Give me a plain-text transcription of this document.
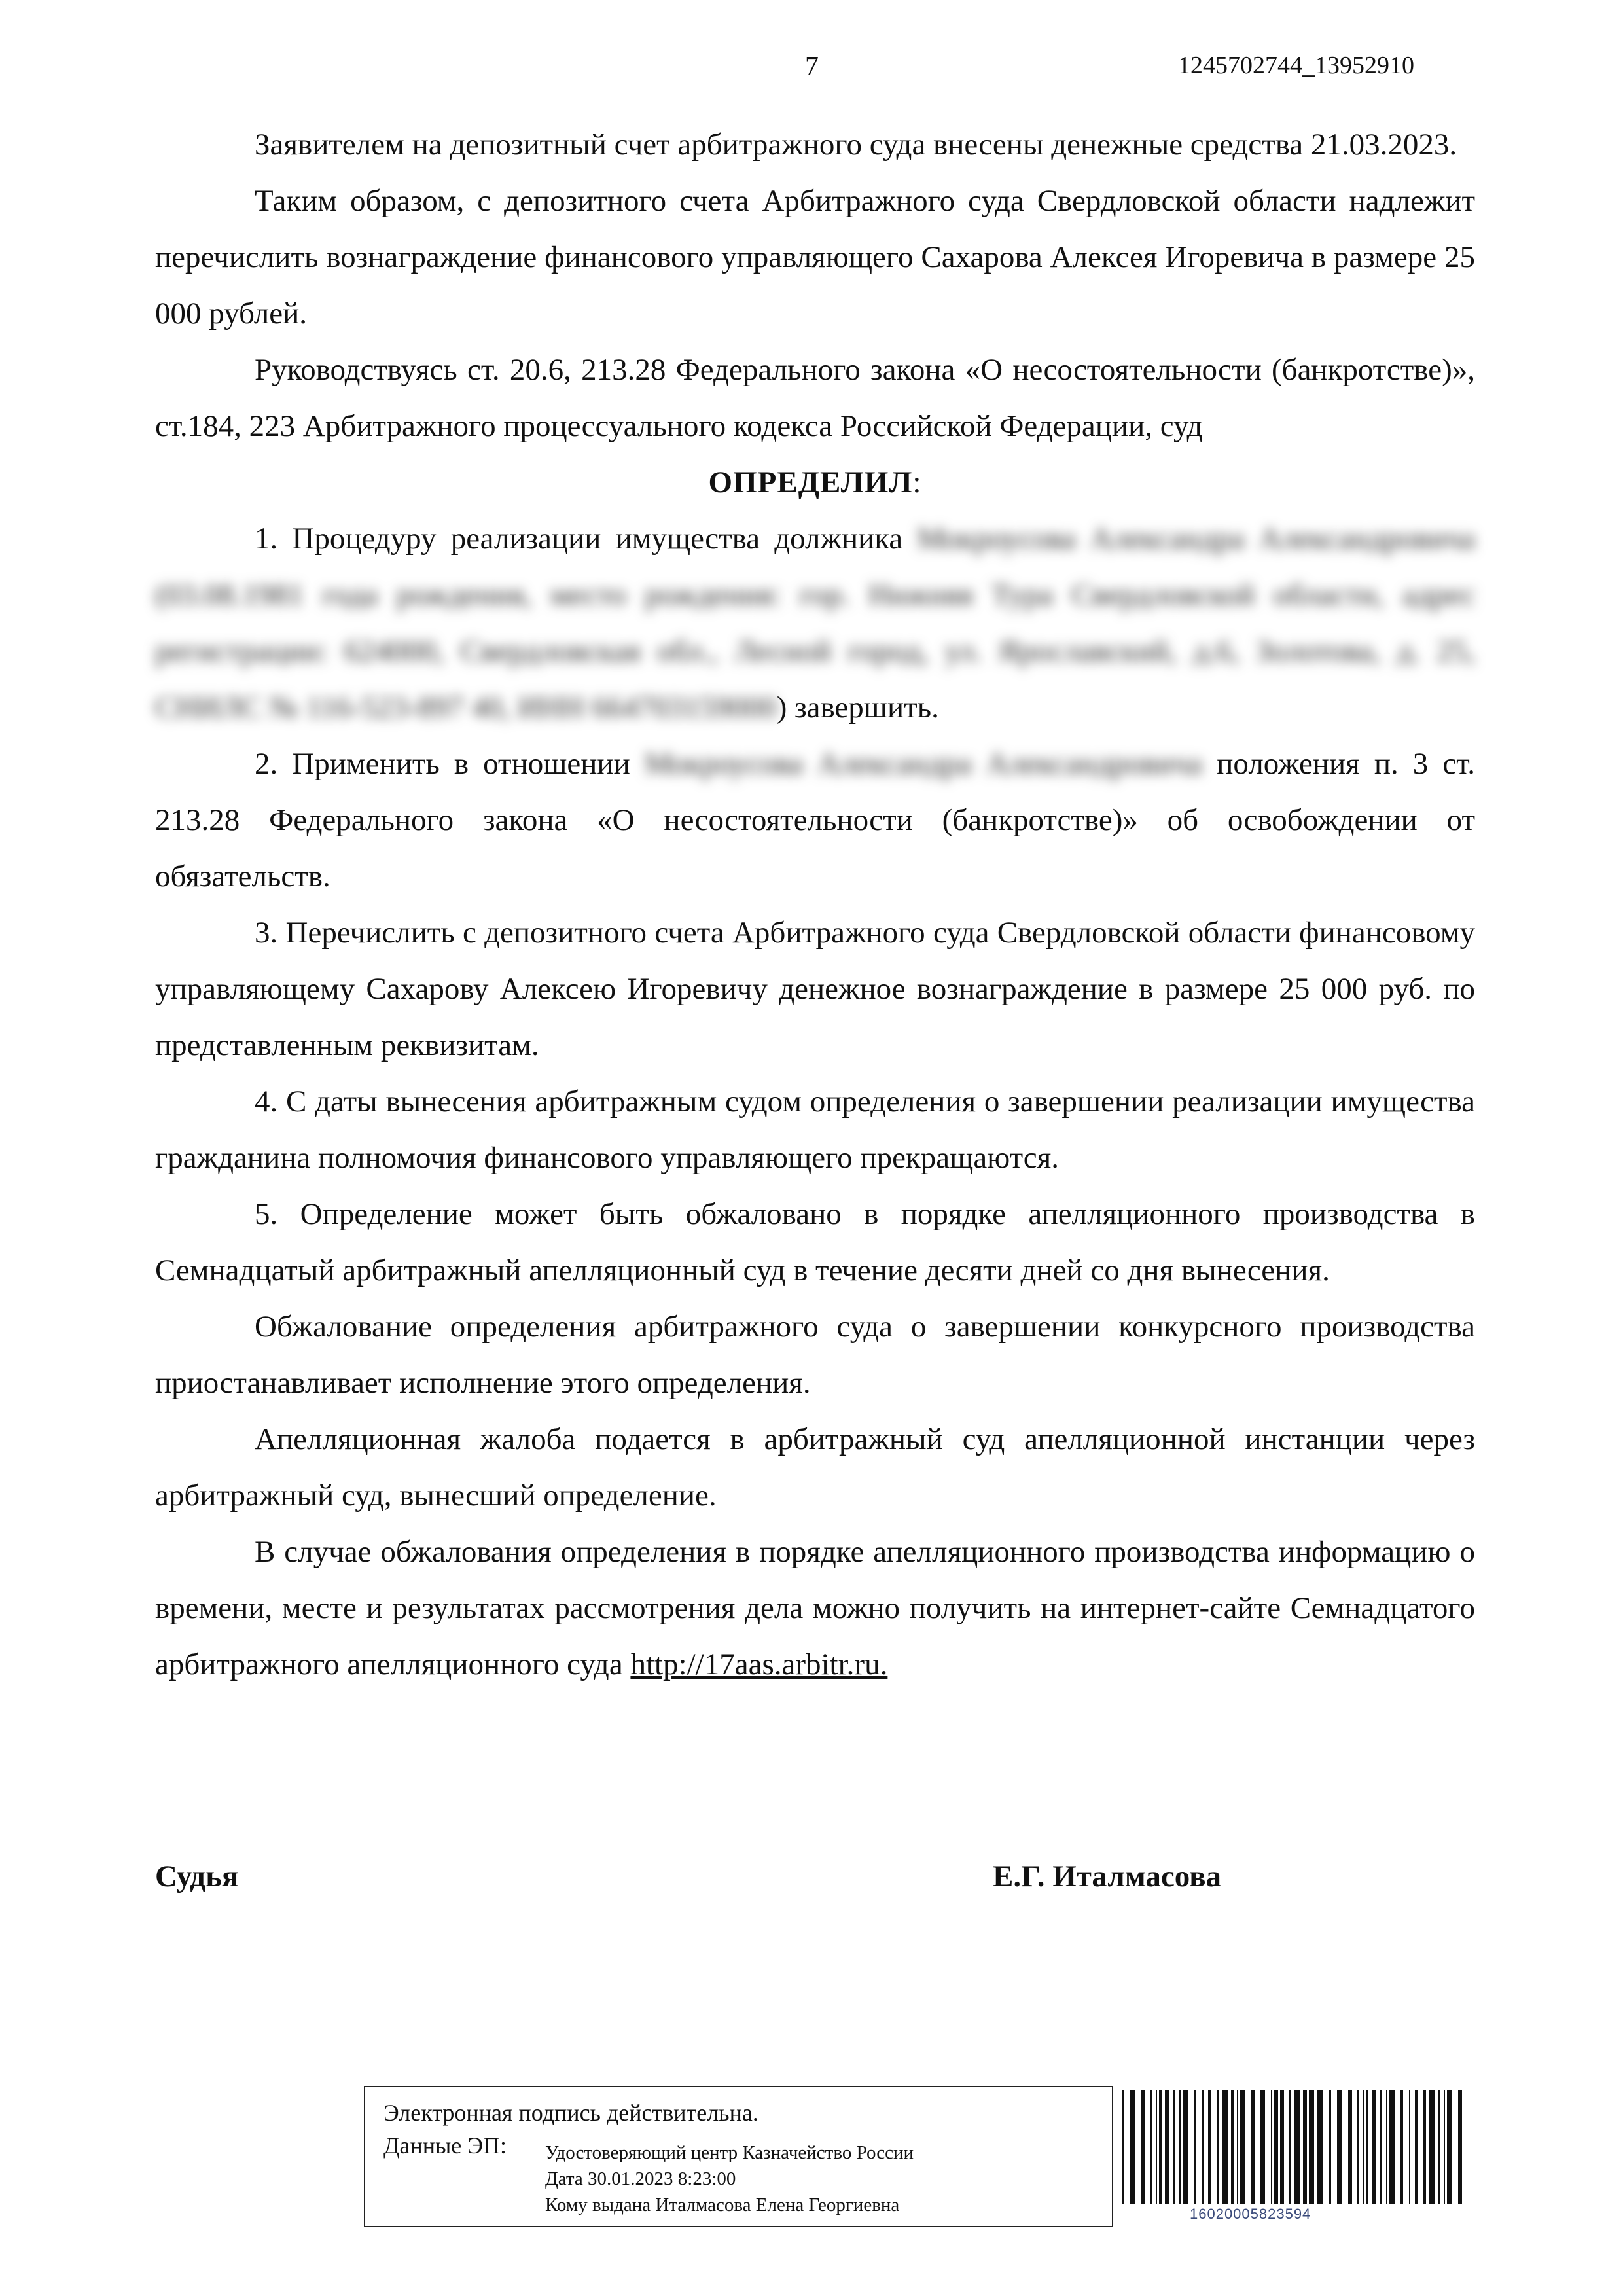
7	1245702744_13952910

Заявителем на депозитный счет арбитражного суда внесены денежные средства 21.03.2023.

Таким образом, с депозитного счета Арбитражного суда Свердловской области надлежит перечислить вознаграждение финансового управляющего Сахарова Алексея Игоревича в размере 25 000 рублей.

Руководствуясь ст. 20.6, 213.28 Федерального закона «О несостоятельности (банкротстве)», ст.184, 223 Арбитражного процессуального кодекса Российской Федерации, суд

ОПРЕДЕЛИЛ:

1. Процедуру реализации имущества должника Мокроусова Александра Александровича (03.08.1981 года рождения, место рождения: гор. Нижняя Тура Свердловской области, адрес регистрации: 624000, Свердловская обл., Лесной город, ул. Ярославский, д.6, Золотова, д. 25, СНИЛС № 116-523-897 40, ИНН 664703159000) завершить.

2. Применить в отношении Мокроусова Александра Александровича положения п. 3 ст. 213.28 Федерального закона «О несостоятельности (банкротстве)» об освобождении от обязательств.

3. Перечислить с депозитного счета Арбитражного суда Свердловской области финансовому управляющему Сахарову Алексею Игоревичу денежное вознаграждение в размере 25 000 руб. по представленным реквизитам.

4. С даты вынесения арбитражным судом определения о завершении реализации имущества гражданина полномочия финансового управляющего прекращаются.

5. Определение может быть обжаловано в порядке апелляционного производства в Семнадцатый арбитражный апелляционный суд в течение десяти дней со дня вынесения.

Обжалование определения арбитражного суда о завершении конкурсного производства приостанавливает исполнение этого определения.

Апелляционная жалоба подается в арбитражный суд апелляционной инстанции через арбитражный суд, вынесший определение.

В случае обжалования определения в порядке апелляционного производства информацию о времени, месте и результатах рассмотрения дела можно получить на интернет-сайте Семнадцатого арбитражного апелляционного суда http://17aas.arbitr.ru.

Судья	Е.Г. Италмасова
Электронная подпись действительна.
Данные ЭП: Удостоверяющий центр Казначейство России
Дата 30.01.2023 8:23:00
Кому выдана Италмасова Елена Георгиевна	16020005823594
